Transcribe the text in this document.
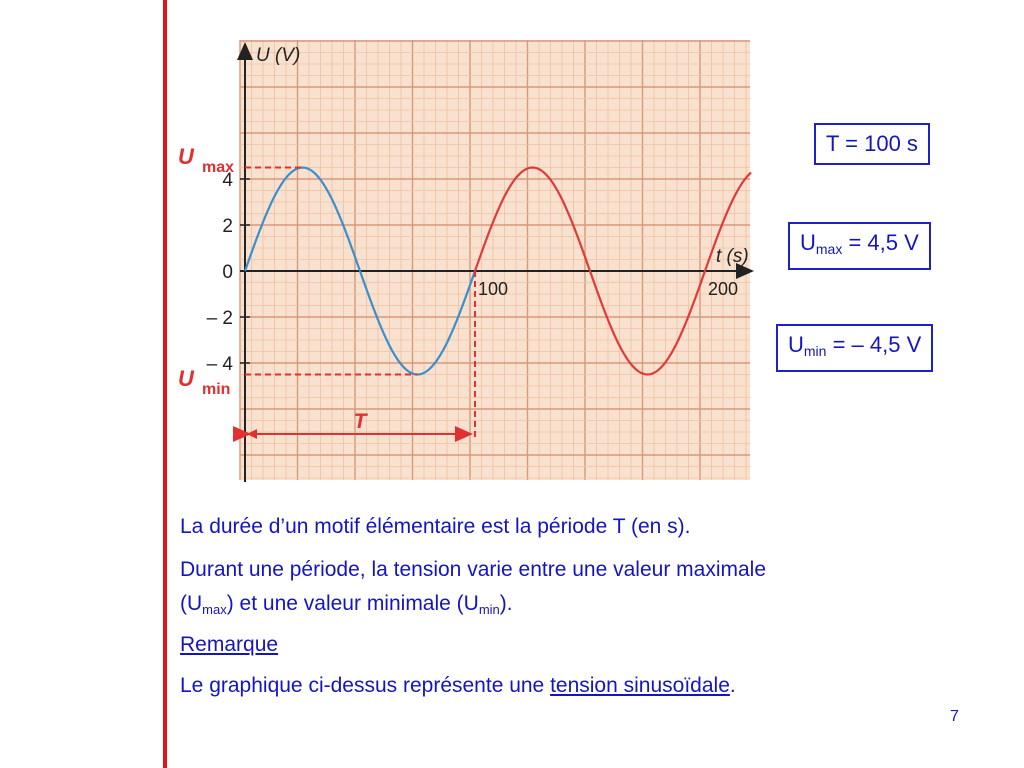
4
2
0
– 2
– 4
100	200
T
U max
U min
U (V)
t (s)
T = 100 s
$U_{max} = 4,5$ V
$U_{min}$ = – 4,5 V
La durée d’un motif élémentaire est la période T (en s).
Durant une période, la tension varie entre une valeur maximale
$(U_{max})$ et une valeur minimale $(U_{min})$.
Remarque
Le graphique ci-dessus représente une tension sinusoïdale.
7
